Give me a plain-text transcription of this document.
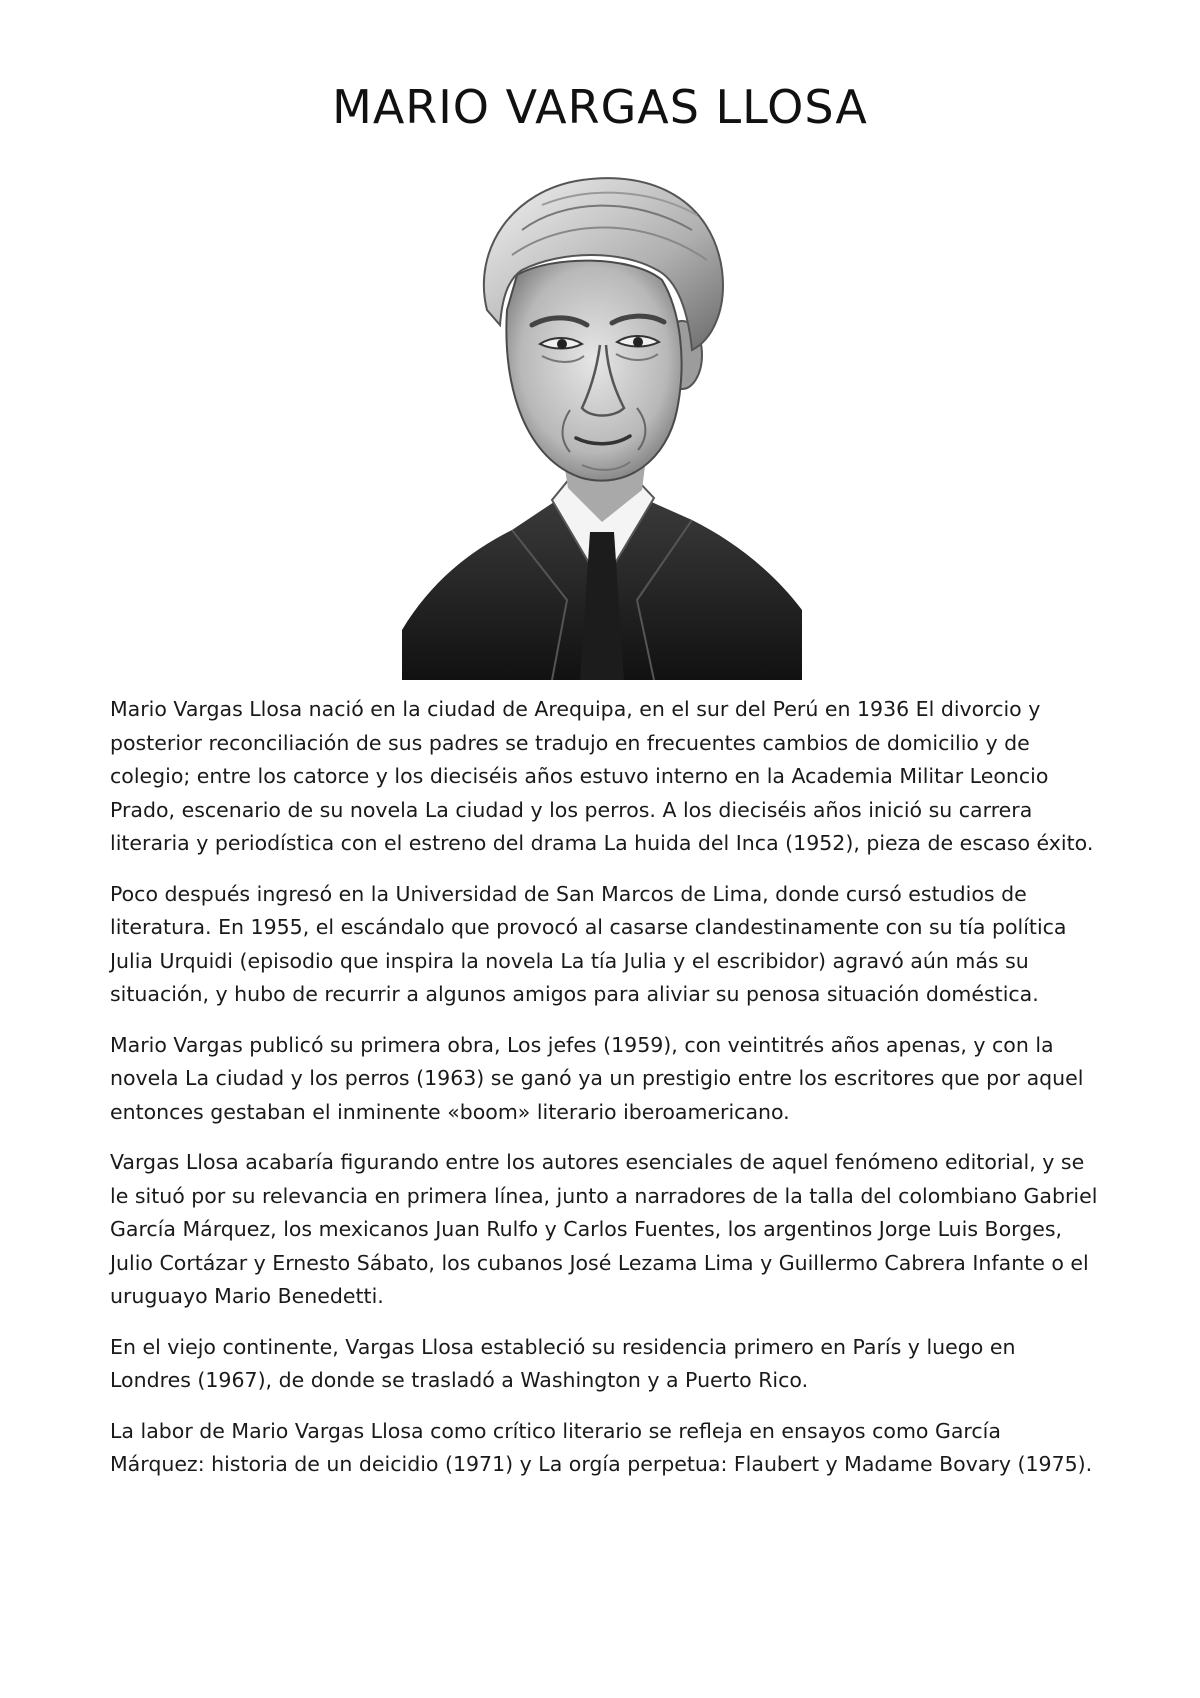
MARIO VARGAS LLOSA

Mario Vargas Llosa nació en la ciudad de Arequipa, en el sur del Perú en 1936 El divorcio y posterior reconciliación de sus padres se tradujo en frecuentes cambios de domicilio y de colegio; entre los catorce y los dieciséis años estuvo interno en la Academia Militar Leoncio Prado, escenario de su novela La ciudad y los perros. A los dieciséis años inició su carrera literaria y periodística con el estreno del drama La huida del Inca (1952), pieza de escaso éxito.

Poco después ingresó en la Universidad de San Marcos de Lima, donde cursó estudios de literatura. En 1955, el escándalo que provocó al casarse clandestinamente con su tía política Julia Urquidi (episodio que inspira la novela La tía Julia y el escribidor) agravó aún más su situación, y hubo de recurrir a algunos amigos para aliviar su penosa situación doméstica.

Mario Vargas publicó su primera obra, Los jefes (1959), con veintitrés años apenas, y con la novela La ciudad y los perros (1963) se ganó ya un prestigio entre los escritores que por aquel entonces gestaban el inminente «boom» literario iberoamericano.

Vargas Llosa acabaría figurando entre los autores esenciales de aquel fenómeno editorial, y se le situó por su relevancia en primera línea, junto a narradores de la talla del colombiano Gabriel García Márquez, los mexicanos Juan Rulfo y Carlos Fuentes, los argentinos Jorge Luis Borges, Julio Cortázar y Ernesto Sábato, los cubanos José Lezama Lima y Guillermo Cabrera Infante o el uruguayo Mario Benedetti.

En el viejo continente, Vargas Llosa estableció su residencia primero en París y luego en Londres (1967), de donde se trasladó a Washington y a Puerto Rico.

La labor de Mario Vargas Llosa como crítico literario se refleja en ensayos como García Márquez: historia de un deicidio (1971) y La orgía perpetua: Flaubert y Madame Bovary (1975).
